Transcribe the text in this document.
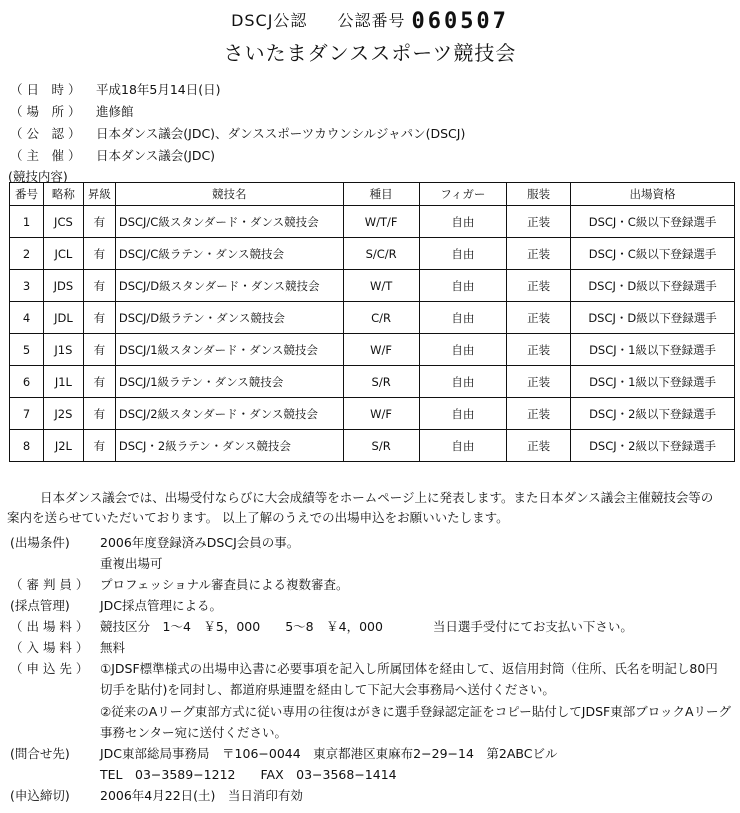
DSCJ公認 公認番号 060507
さいたまダンススポーツ競技会
（ 日　時 ） 平成18年5月14日(日)
（ 場　所 ） 進修館
（ 公　認 ） 日本ダンス議会(JDC)、ダンススポーツカウンシルジャパン(DSCJ)
（ 主　催 ） 日本ダンス議会(JDC)
(競技内容)
番号	略称	昇級	競技名	種目	フィガー	服装	出場資格
1	JCS	有	DSCJ/C級スタンダード・ダンス競技会	W/T/F	自由	正装	DSCJ・C級以下登録選手
2	JCL	有	DSCJ/C級ラテン・ダンス競技会	S/C/R	自由	正装	DSCJ・C級以下登録選手
3	JDS	有	DSCJ/D級スタンダード・ダンス競技会	W/T	自由	正装	DSCJ・D級以下登録選手
4	JDL	有	DSCJ/D級ラテン・ダンス競技会	C/R	自由	正装	DSCJ・D級以下登録選手
5	J1S	有	DSCJ/1級スタンダード・ダンス競技会	W/F	自由	正装	DSCJ・1級以下登録選手
6	J1L	有	DSCJ/1級ラテン・ダンス競技会	S/R	自由	正装	DSCJ・1級以下登録選手
7	J2S	有	DSCJ/2級スタンダード・ダンス競技会	W/F	自由	正装	DSCJ・2級以下登録選手
8	J2L	有	DSCJ・2級ラテン・ダンス競技会	S/R	自由	正装	DSCJ・2級以下登録選手
日本ダンス議会では、出場受付ならびに大会成績等をホームページ上に発表します。また日本ダンス議会主催競技会等の
案内を送らせていただいております。 以上了解のうえでの出場申込をお願いいたします。
(出場条件) 2006年度登録済みDSCJ会員の事。
重複出場可
（ 審 判 員 ） プロフェッショナル審査員による複数審査。
(採点管理) JDC採点管理による。
（ 出 場 料 ） 競技区分　1〜4　￥5，000　　5〜8　￥4，000　　　　当日選手受付にてお支払い下さい。
（ 入 場 料 ） 無料
（ 申 込 先 ） ①JDSF標準様式の出場申込書に必要事項を記入し所属団体を経由して、返信用封筒（住所、氏名を明記し80円
切手を貼付)を同封し、都道府県連盟を経由して下記大会事務局へ送付ください。
②従来のAリーグ東部方式に従い専用の往復はがきに選手登録認定証をコピー貼付してJDSF東部ブロックAリーグ
事務センター宛に送付ください。
(問合せ先) JDC東部総局事務局　〒106−0044　東京都港区東麻布2−29−14　第2ABCビル
TEL　03−3589−1212　　FAX　03−3568−1414
(申込締切) 2006年4月22日(土)　当日消印有効
